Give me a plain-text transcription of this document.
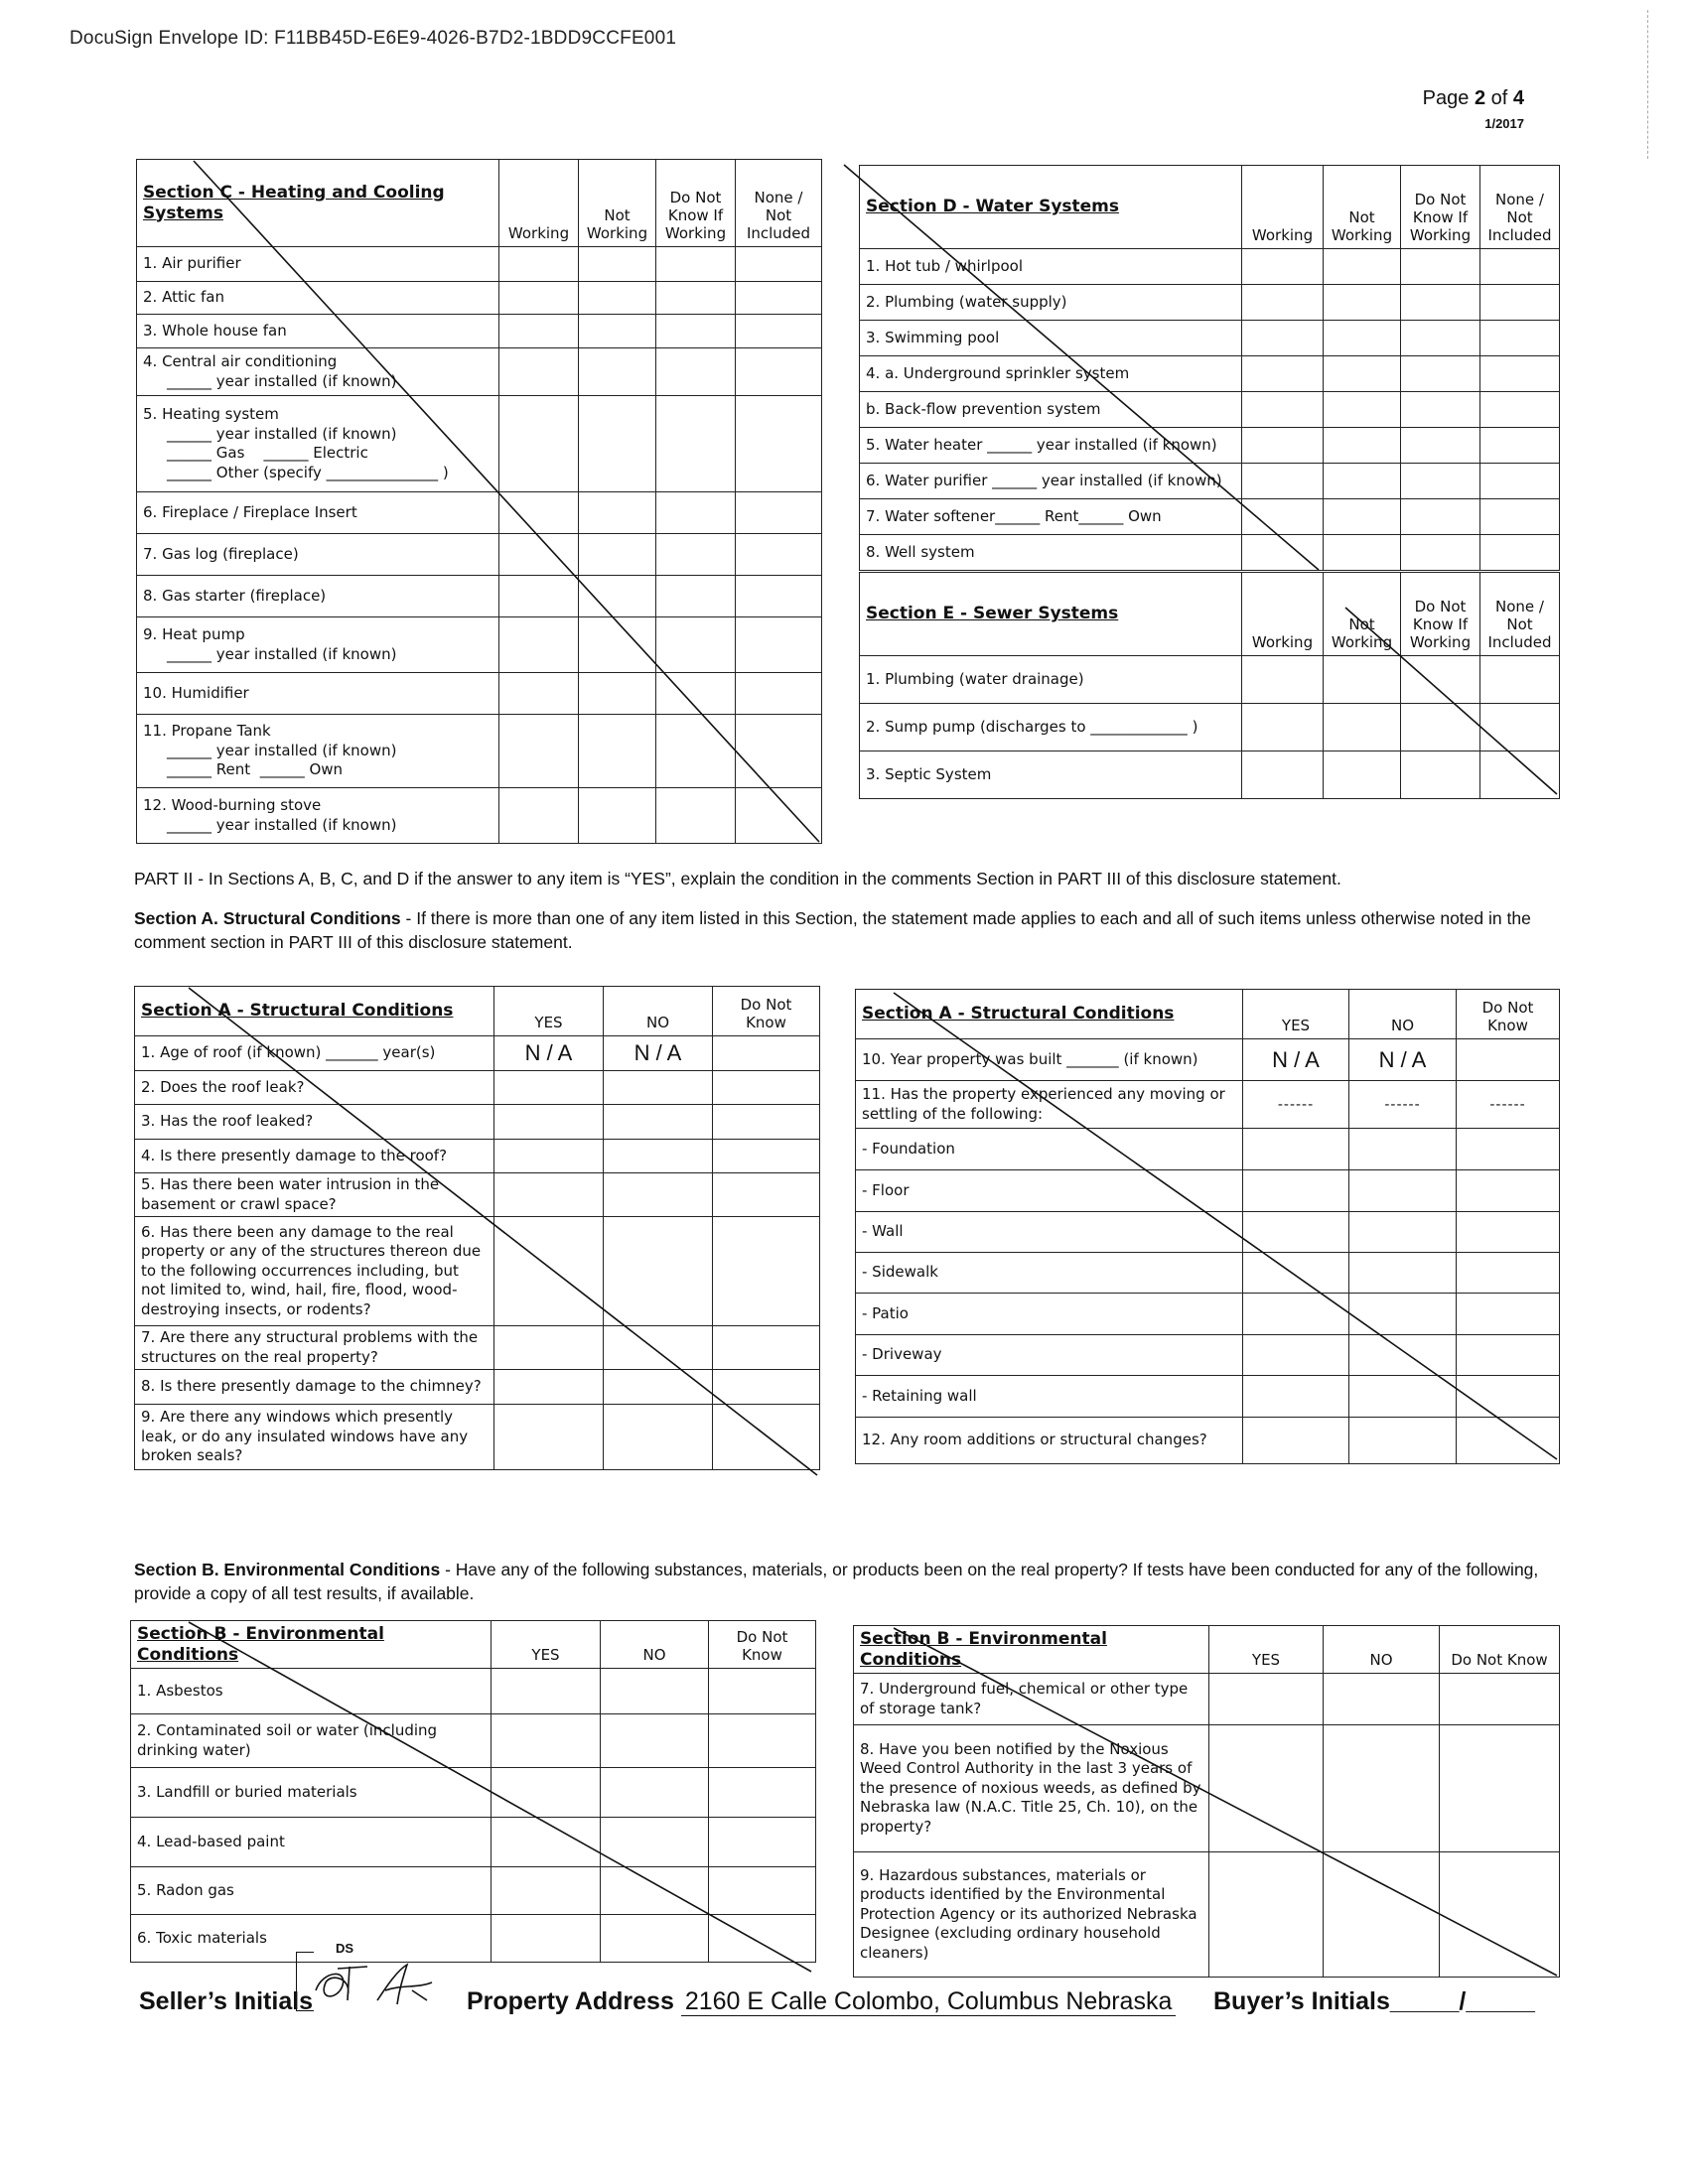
DocuSign Envelope ID: F11BB45D-E6E9-4026-B7D2-1BDD9CCFE001
Page 2 of 4
1/2017
Section C - Heating and Cooling Systems	Working	Not Working	Do Not Know If Working	None / Not Included
1. Air purifier				
2. Attic fan				
3. Whole house fan				
4. Central air conditioning
______ year installed (if known)				

5. Heating system
______ year installed (if known)
______ Gas ______ Electric
______ Other (specify _______________ )				

6. Fireplace / Fireplace Insert				
7. Gas log (fireplace)				
8. Gas starter (fireplace)				
9. Heat pump
______ year installed (if known)				

10. Humidifier				
11. Propane Tank
______ year installed (if known)
______ Rent ______ Own				

12. Wood-burning stove
______ year installed (if known)				

Section D - Water Systems	Working	Not Working	Do Not Know If Working	None / Not Included
1. Hot tub / whirlpool				
2. Plumbing (water supply)				
3. Swimming pool				
4. a. Underground sprinkler system				
b. Back-flow prevention system				
5. Water heater ______ year installed (if known)				
6. Water purifier ______ year installed (if known)				
7. Water softener______ Rent______ Own				
8. Well system				
Section E - Sewer Systems	Working	Not Working	Do Not Know If Working	None / Not Included
1. Plumbing (water drainage)				
2. Sump pump (discharges to _____________ )				
3. Septic System				
PART II - In Sections A, B, C, and D if the answer to any item is “YES”, explain the condition in the comments Section in PART III of this disclosure statement.
Section A. Structural Conditions - If there is more than one of any item listed in this Section, the statement made applies to each and all of such items unless otherwise noted in the comment section in PART III of this disclosure statement.
Section A - Structural Conditions	YES	NO	Do Not Know
1. Age of roof (if known) _______ year(s)	N / A	N / A	
2. Does the roof leak?			
3. Has the roof leaked?			
4. Is there presently damage to the roof?			
5. Has there been water intrusion in the basement or crawl space?			
6. Has there been any damage to the real property or any of the structures thereon due to the following occurrences including, but not limited to, wind, hail, fire, flood, wood-destroying insects, or rodents?			
7. Are there any structural problems with the structures on the real property?			
8. Is there presently damage to the chimney?			
9. Are there any windows which presently leak, or do any insulated windows have any broken seals?			
Section A - Structural Conditions	YES	NO	Do Not Know
10. Year property was built _______ (if known)	N / A	N / A	
11. Has the property experienced any moving or settling of the following:	------	------	------
- Foundation			
- Floor			
- Wall			
- Sidewalk			
- Patio			
- Driveway			
- Retaining wall			
12. Any room additions or structural changes?			
Section B. Environmental Conditions - Have any of the following substances, materials, or products been on the real property? If tests have been conducted for any of the following, provide a copy of all test results, if available.
Section B - Environmental Conditions	YES	NO	Do Not Know
1. Asbestos			
2. Contaminated soil or water (including drinking water)			
3. Landfill or buried materials			
4. Lead-based paint			
5. Radon gas			
6. Toxic materials			
Section B - Environmental Conditions	YES	NO	Do Not Know
7. Underground fuel, chemical or other type of storage tank?			
8. Have you been notified by the Noxious Weed Control Authority in the last 3 years of the presence of noxious weeds, as defined by Nebraska law (N.A.C. Title 25, Ch. 10), on the property?			
9. Hazardous substances, materials or products identified by the Environmental Protection Agency or its authorized Nebraska Designee (excluding ordinary household cleaners)			
DS
Seller’s Initials	Property Address 2160 E Calle Colombo, Columbus Nebraska Buyer’s Initials_____/_____
